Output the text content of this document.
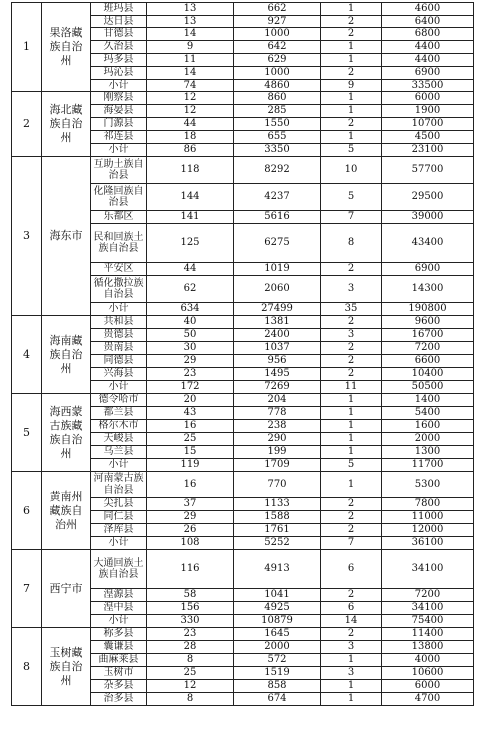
1	果洛藏族自治州	班玛县	13	662	1	4600
		达日县	13	927	2	6400
		甘德县	14	1000	2	6800
		久治县	9	642	1	4400
		玛多县	11	629	1	4400
		玛沁县	14	1000	2	6900
		小计	74	4860	9	33500
2	海北藏族自治州	刚察县	12	860	1	6000
		海晏县	12	285	1	1900
		门源县	44	1550	2	10700
		祁连县	18	655	1	4500
		小计	86	3350	5	23100
3	海东市	互助土族自治县	118	8292	10	57700
		化隆回族自治县	144	4237	5	29500
		乐都区	141	5616	7	39000
		民和回族土族自治县	125	6275	8	43400
		平安区	44	1019	2	6900
		循化撒拉族自治县	62	2060	3	14300
		小计	634	27499	35	190800
4	海南藏族自治州	共和县	40	1381	2	9600
		贵德县	50	2400	3	16700
		贵南县	30	1037	2	7200
		同德县	29	956	2	6600
		兴海县	23	1495	2	10400
		小计	172	7269	11	50500
5	海西蒙古族藏族自治州	德令哈市	20	204	1	1400
		都兰县	43	778	1	5400
		格尔木市	16	238	1	1600
		天峻县	25	290	1	2000
		乌兰县	15	199	1	1300
		小计	119	1709	5	11700
6	黄南州藏族自治州	河南蒙古族自治县	16	770	1	5300
		尖扎县	37	1133	2	7800
		同仁县	29	1588	2	11000
		泽库县	26	1761	2	12000
		小计	108	5252	7	36100
7	西宁市	大通回族土族自治县	116	4913	6	34100
		湟源县	58	1041	2	7200
		湟中县	156	4925	6	34100
		小计	330	10879	14	75400
8	玉树藏族自治州	称多县	23	1645	2	11400
		囊谦县	28	2000	3	13800
		曲麻莱县	8	572	1	4000
		玉树市	25	1519	3	10600
		杂多县	12	858	1	6000
		治多县	8	674	1	4700
